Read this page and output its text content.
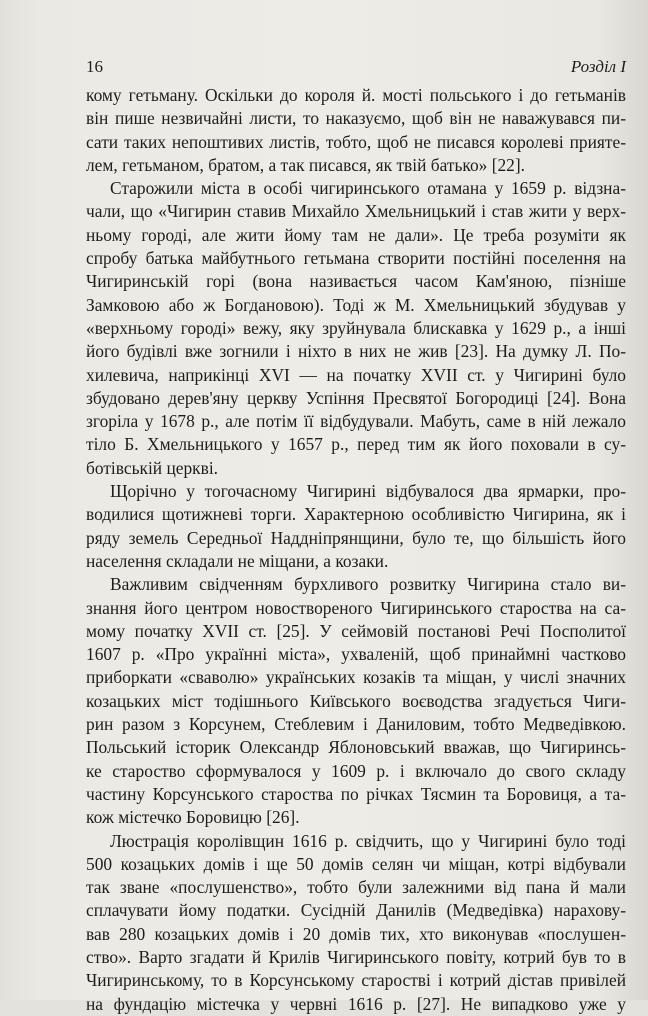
16	Розділ І
кому гетьману. Оскільки до короля й. мості польського і до гетьманів
він пише незвичайні листи, то наказуємо, щоб він не наважувався пи-
сати таких непоштивих листів, тобто, щоб не писався королеві прияте-
лем, гетьманом, братом, а так писався, як твій батько» [22].
Старожили міста в особі чигиринського отамана у 1659 р. відзна-
чали, що «Чигирин ставив Михайло Хмельницький і став жити у верх-
ньому городі, але жити йому там не дали». Це треба розуміти як
спробу батька майбутнього гетьмана створити постійні поселення на
Чигиринській горі (вона називається часом Кам'яною, пізніше
Замковою або ж Богдановою). Тоді ж М. Хмельницький збудував у
«верхньому городі» вежу, яку зруйнувала блискавка у 1629 р., а інші
його будівлі вже зогнили і ніхто в них не жив [23]. На думку Л. По-
хилевича, наприкінці XVI — на початку XVII ст. у Чигирині було
збудовано дерев'яну церкву Успіння Пресвятої Богородиці [24]. Вона
згоріла у 1678 р., але потім її відбудували. Мабуть, саме в ній лежало
тіло Б. Хмельницького у 1657 р., перед тим як його поховали в су-
ботівській церкві.
Щорічно у тогочасному Чигирині відбувалося два ярмарки, про-
водилися щотижневі торги. Характерною особливістю Чигирина, як і
ряду земель Середньої Наддніпрянщини, було те, що більшість його
населення складали не міщани, а козаки.
Важливим свідченням бурхливого розвитку Чигирина стало ви-
знання його центром новоствореного Чигиринського староства на са-
мому початку XVII ст. [25]. У сеймовій постанові Речі Посполитої
1607 р. «Про українні міста», ухваленій, щоб принаймні частково
приборкати «сваволю» українських козаків та міщан, у числі значних
козацьких міст тодішнього Київського воєводства згадується Чиги-
рин разом з Корсунем, Стеблевим і Даниловим, тобто Медведівкою.
Польський історик Олександр Яблоновський вважав, що Чигиринсь-
ке староство сформувалося у 1609 р. і включало до свого складу
частину Корсунського староства по річках Тясмин та Боровиця, а та-
кож містечко Боровицю [26].
Люстрація королівщин 1616 р. свідчить, що у Чигирині було тоді
500 козацьких домів і ще 50 домів селян чи міщан, котрі відбували
так зване «послушенство», тобто були залежними від пана й мали
сплачувати йому податки. Сусідній Данилів (Медведівка) нарахову-
вав 280 козацьких домів і 20 домів тих, хто виконував «послушен-
ство». Варто згадати й Крилів Чигиринського повіту, котрий був то в
Чигиринському, то в Корсунському старостві і котрий дістав привілей
на фундацію містечка у червні 1616 р. [27]. Не випадково уже у
